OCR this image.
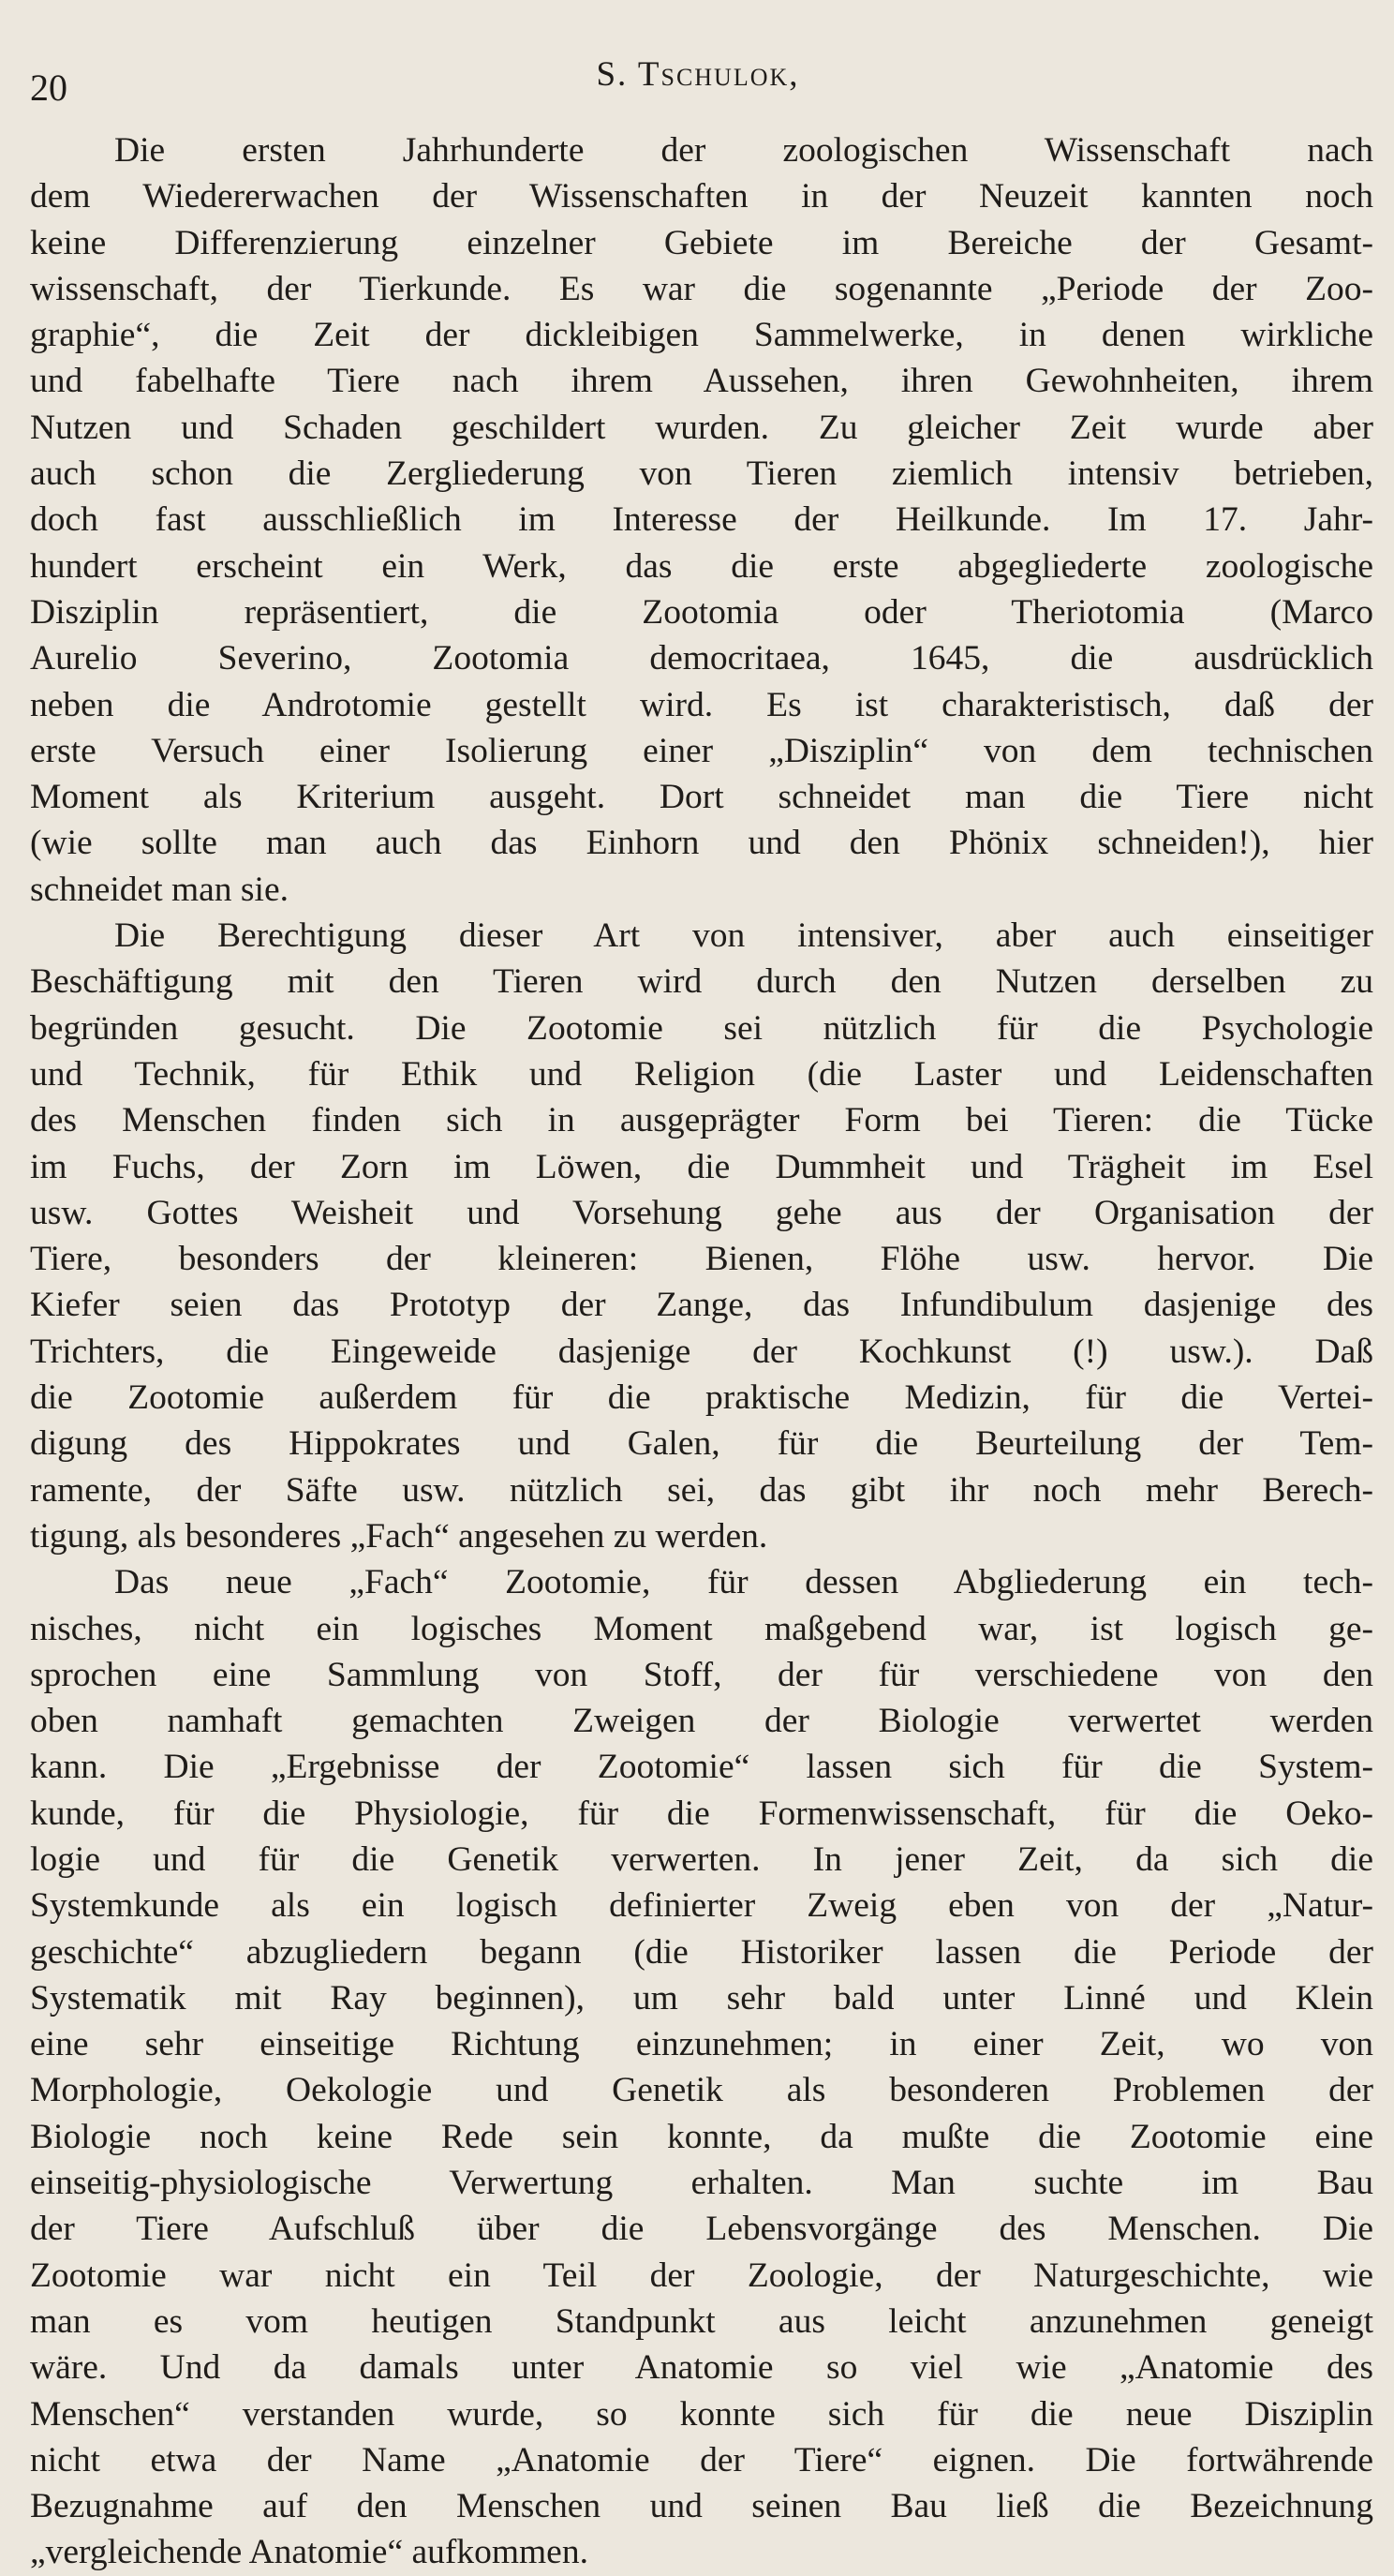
20	S. Tschulok,
Die ersten Jahrhunderte der zoologischen Wissenschaft nach
dem Wiedererwachen der Wissenschaften in der Neuzeit kannten noch
keine Differenzierung einzelner Gebiete im Bereiche der Gesamt-
wissenschaft, der Tierkunde. Es war die sogenannte „Periode der Zoo-
graphie“, die Zeit der dickleibigen Sammelwerke, in denen wirkliche
und fabelhafte Tiere nach ihrem Aussehen, ihren Gewohnheiten, ihrem
Nutzen und Schaden geschildert wurden. Zu gleicher Zeit wurde aber
auch schon die Zergliederung von Tieren ziemlich intensiv betrieben,
doch fast ausschließlich im Interesse der Heilkunde. Im 17. Jahr-
hundert erscheint ein Werk, das die erste abgegliederte zoologische
Disziplin repräsentiert, die Zootomia oder Theriotomia (Marco
Aurelio Severino, Zootomia democritaea, 1645, die ausdrücklich
neben die Androtomie gestellt wird. Es ist charakteristisch, daß der
erste Versuch einer Isolierung einer „Disziplin“ von dem technischen
Moment als Kriterium ausgeht. Dort schneidet man die Tiere nicht
(wie sollte man auch das Einhorn und den Phönix schneiden!), hier
schneidet man sie.
Die Berechtigung dieser Art von intensiver, aber auch einseitiger
Beschäftigung mit den Tieren wird durch den Nutzen derselben zu
begründen gesucht. Die Zootomie sei nützlich für die Psychologie
und Technik, für Ethik und Religion (die Laster und Leidenschaften
des Menschen finden sich in ausgeprägter Form bei Tieren: die Tücke
im Fuchs, der Zorn im Löwen, die Dummheit und Trägheit im Esel
usw. Gottes Weisheit und Vorsehung gehe aus der Organisation der
Tiere, besonders der kleineren: Bienen, Flöhe usw. hervor. Die
Kiefer seien das Prototyp der Zange, das Infundibulum dasjenige des
Trichters, die Eingeweide dasjenige der Kochkunst (!) usw.). Daß
die Zootomie außerdem für die praktische Medizin, für die Vertei-
digung des Hippokrates und Galen, für die Beurteilung der Tem-
ramente, der Säfte usw. nützlich sei, das gibt ihr noch mehr Berech-
tigung, als besonderes „Fach“ angesehen zu werden.
Das neue „Fach“ Zootomie, für dessen Abgliederung ein tech-
nisches, nicht ein logisches Moment maßgebend war, ist logisch ge-
sprochen eine Sammlung von Stoff, der für verschiedene von den
oben namhaft gemachten Zweigen der Biologie verwertet werden
kann. Die „Ergebnisse der Zootomie“ lassen sich für die System-
kunde, für die Physiologie, für die Formenwissenschaft, für die Oeko-
logie und für die Genetik verwerten. In jener Zeit, da sich die
Systemkunde als ein logisch definierter Zweig eben von der „Natur-
geschichte“ abzugliedern begann (die Historiker lassen die Periode der
Systematik mit Ray beginnen), um sehr bald unter Linné und Klein
eine sehr einseitige Richtung einzunehmen; in einer Zeit, wo von
Morphologie, Oekologie und Genetik als besonderen Problemen der
Biologie noch keine Rede sein konnte, da mußte die Zootomie eine
einseitig-physiologische Verwertung erhalten. Man suchte im Bau
der Tiere Aufschluß über die Lebensvorgänge des Menschen. Die
Zootomie war nicht ein Teil der Zoologie, der Naturgeschichte, wie
man es vom heutigen Standpunkt aus leicht anzunehmen geneigt
wäre. Und da damals unter Anatomie so viel wie „Anatomie des
Menschen“ verstanden wurde, so konnte sich für die neue Disziplin
nicht etwa der Name „Anatomie der Tiere“ eignen. Die fortwährende
Bezugnahme auf den Menschen und seinen Bau ließ die Bezeichnung
„vergleichende Anatomie“ aufkommen.
